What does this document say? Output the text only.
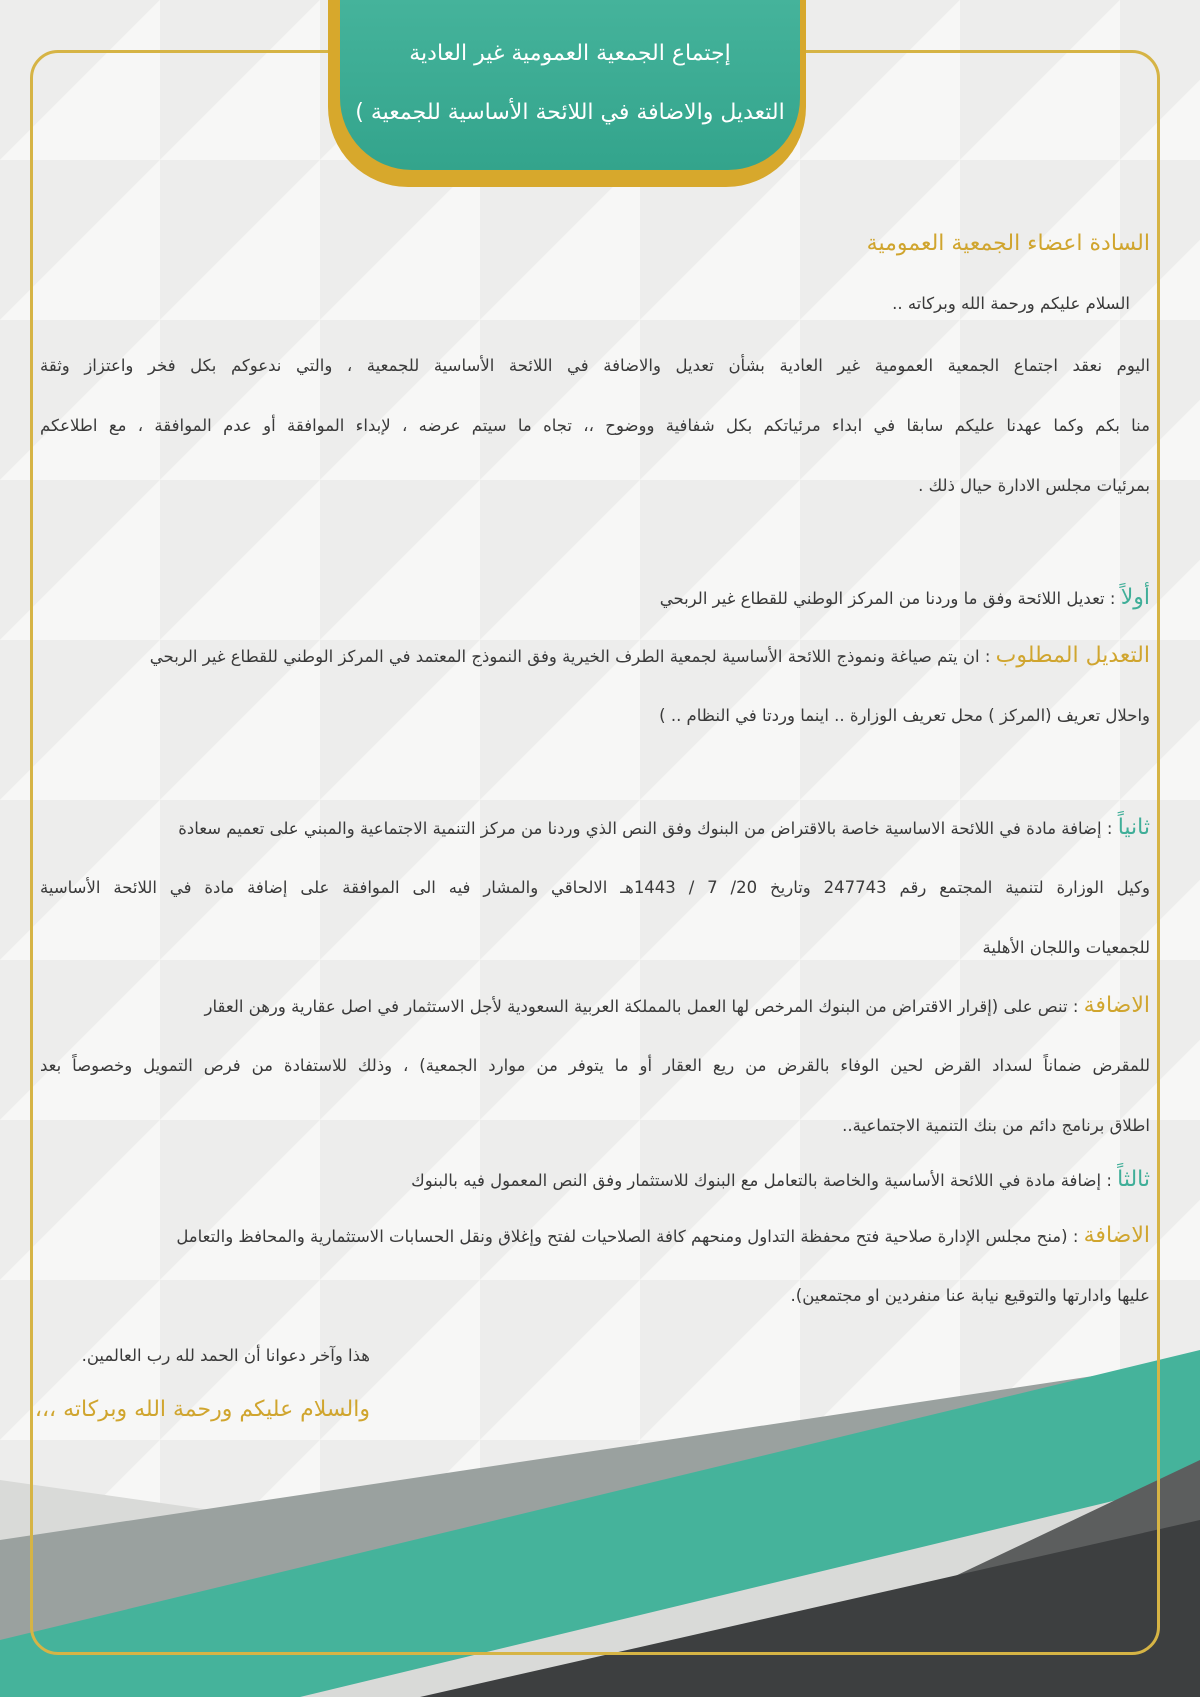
إجتماع الجمعية العمومية غير العادية
التعديل والاضافة في اللائحة الأساسية للجمعية )
السادة اعضاء الجمعية العمومية
السلام عليكم ورحمة الله وبركاته ..
اليوم نعقد اجتماع الجمعية العمومية غير العادية بشأن تعديل والاضافة في اللائحة الأساسية للجمعية ، والتي ندعوكم بكل فخر واعتزاز وثقة
منا بكم وكما عهدنا عليكم سابقا في ابداء مرئياتكم بكل شفافية ووضوح ،، تجاه ما سيتم عرضه ، لإبداء الموافقة أو عدم الموافقة ، مع اطلاعكم
بمرئيات مجلس الادارة حيال ذلك .
أولاً : تعديل اللائحة وفق ما وردنا من المركز الوطني للقطاع غير الربحي
التعديل المطلوب : ان يتم صياغة ونموذج اللائحة الأساسية لجمعية الطرف الخيرية وفق النموذج المعتمد في المركز الوطني للقطاع غير الربحي
واحلال تعريف (المركز ) محل تعريف الوزارة .. اينما وردتا في النظام .. )
ثانياً : إضافة مادة في اللائحة الاساسية خاصة بالاقتراض من البنوك وفق النص الذي وردنا من مركز التنمية الاجتماعية والمبني على تعميم سعادة
وكيل الوزارة لتنمية المجتمع رقم 247743 وتاريخ 20/ 7 / 1443هـ الالحاقي والمشار فيه الى الموافقة على إضافة مادة في اللائحة الأساسية
للجمعيات واللجان الأهلية
الاضافة : تنص على (إقرار الاقتراض من البنوك المرخص لها العمل بالمملكة العربية السعودية لأجل الاستثمار في اصل عقارية ورهن العقار
للمقرض ضماناً لسداد القرض لحين الوفاء بالقرض من ريع العقار أو ما يتوفر من موارد الجمعية) ، وذلك للاستفادة من فرص التمويل وخصوصاً بعد
اطلاق برنامج دائم من بنك التنمية الاجتماعية..
ثالثاً : إضافة مادة في اللائحة الأساسية والخاصة بالتعامل مع البنوك للاستثمار وفق النص المعمول فيه بالبنوك
الاضافة : (منح مجلس الإدارة صلاحية فتح محفظة التداول ومنحهم كافة الصلاحيات لفتح وإغلاق ونقل الحسابات الاستثمارية والمحافظ والتعامل
عليها وادارتها والتوقيع نيابة عنا منفردين او مجتمعين).
هذا وآخر دعوانا أن الحمد لله رب العالمين.
والسلام عليكم ورحمة الله وبركاته ،،،
